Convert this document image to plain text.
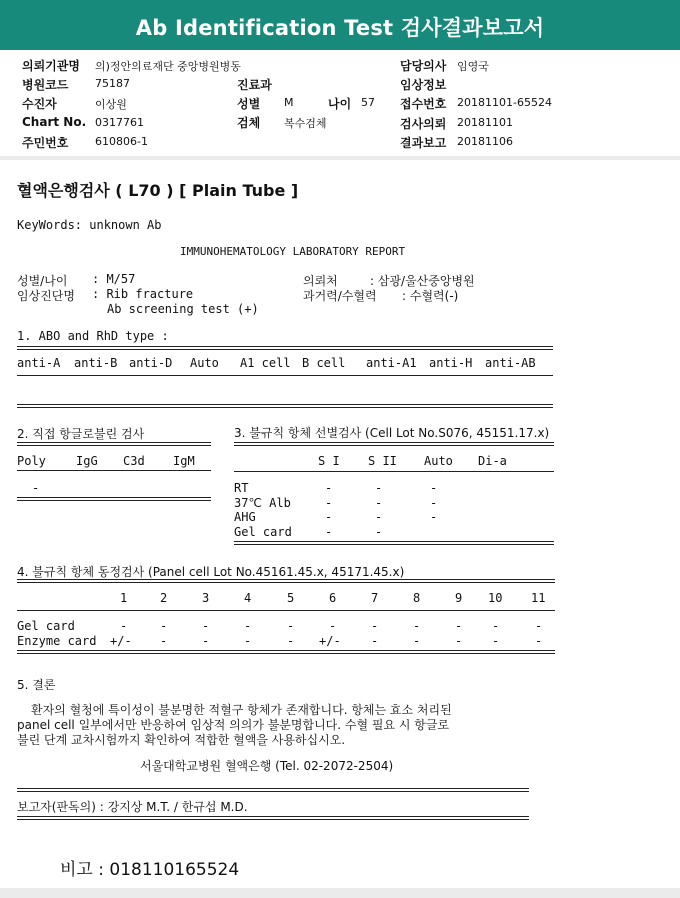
Ab Identification Test 검사결과보고서
의뢰기관명 의)정안의료재단 중앙병원병동
병원코드 75187	진료과
수진자	이상원	성별 M	나이 57
Chart No. 0317761	검체 복수검체
주민번호 610806-1
담당의사 임영국
임상정보
접수번호 20181101-65524
검사의뢰 20181101
결과보고 20181106
혈액은행검사 ( L70 ) [ Plain Tube ]
KeyWords: unknown Ab
IMMUNOHEMATOLOGY LABORATORY REPORT
성별/나이 : M/57
임상진단명 : Rib fracture
Ab screening test (+)
의뢰처	: 삼광/울산중앙병원
과거력/수혈력 : 수혈력(-)
1. ABO and RhD type :
2. 직접 항글로불린 검사	3. 불규칙 항체 선별검사 (Cell Lot No.S076, 45151.17.x)
4. 불규칙 항체 동정검사 (Panel cell Lot No.45161.45.x, 45171.45.x)
5. 결론
환자의 혈청에 특이성이 불분명한 적혈구 항체가 존재합니다. 항체는 효소 처리된
panel cell 일부에서만 반응하여 임상적 의의가 불분명합니다. 수혈 필요 시 항글로
불린 단계 교차시험까지 확인하여 적합한 혈액을 사용하십시오.
서울대학교병원 혈액은행 (Tel. 02-2072-2504)
보고자(판독의) : 강지상 M.T. / 한규섭 M.D.
비고 : 018110165524
anti-A anti-B anti-D Auto A1 cell B cell anti-A1 anti-H anti-AB
Poly	IgG C3d IgM
-
S I S II Auto Di-a
RT	-	-	-
37℃ Alb	-	-	-
AHG	-	-	-
Gel card	-	-
1	2	3	4	5	6	7	8	9 10 11
Gel card	-	-	-	-	-	-	-	-	- -	-
Enzyme card +/- -	-	-	- +/-	-	-	- -	-
